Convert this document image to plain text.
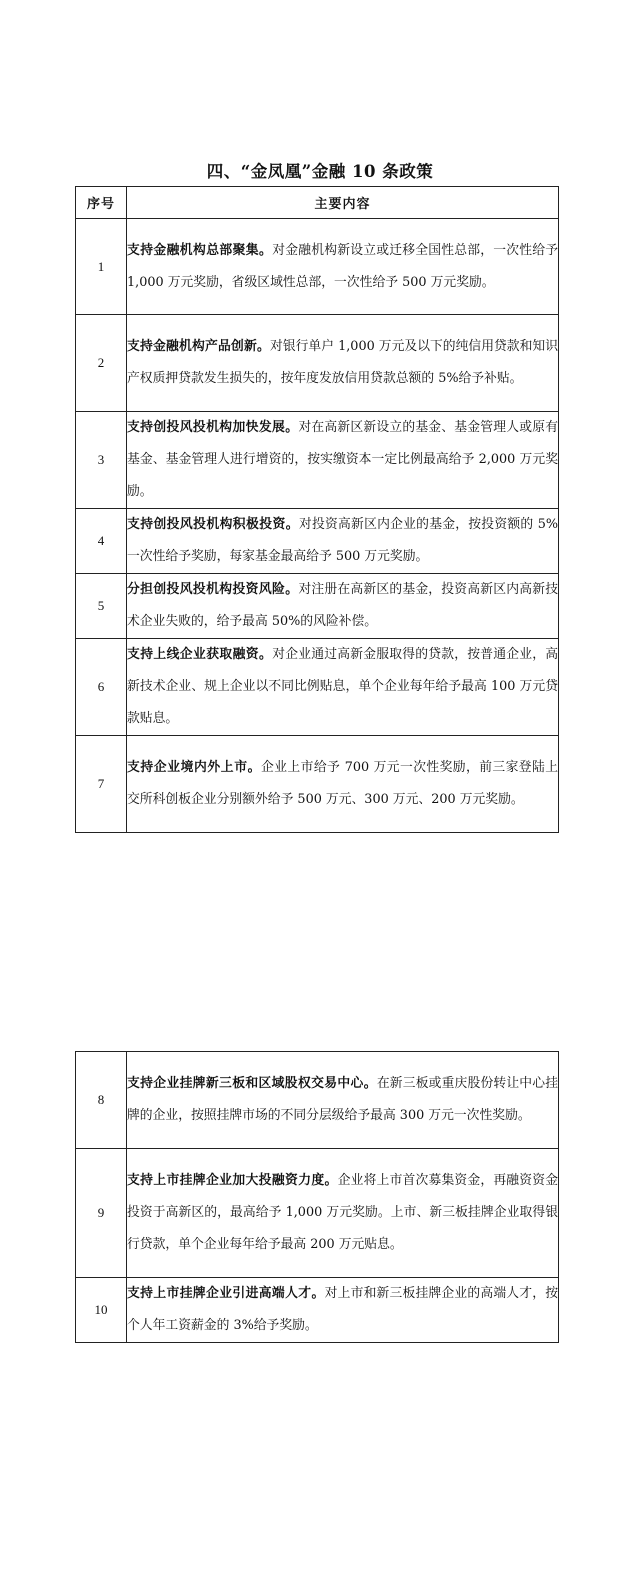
四、“金凤凰”金融 10 条政策
序号	主要内容
1	支持金融机构总部聚集。对金融机构新设立或迁移全国性总部，一次性给予 1,000 万元奖励，省级区域性总部，一次性给予 500 万元奖励。
2	支持金融机构产品创新。对银行单户 1,000 万元及以下的纯信用贷款和知识产权质押贷款发生损失的，按年度发放信用贷款总额的 5%给予补贴。
3	支持创投风投机构加快发展。对在高新区新设立的基金、基金管理人或原有基金、基金管理人进行增资的，按实缴资本一定比例最高给予 2,000 万元奖励。
4	支持创投风投机构积极投资。对投资高新区内企业的基金，按投资额的 5%一次性给予奖励，每家基金最高给予 500 万元奖励。
5	分担创投风投机构投资风险。对注册在高新区的基金，投资高新区内高新技术企业失败的，给予最高 50%的风险补偿。
6	支持上线企业获取融资。对企业通过高新金服取得的贷款，按普通企业，高新技术企业、规上企业以不同比例贴息，单个企业每年给予最高 100 万元贷款贴息。
7	支持企业境内外上市。企业上市给予 700 万元一次性奖励，前三家登陆上交所科创板企业分别额外给予 500 万元、300 万元、200 万元奖励。
8	支持企业挂牌新三板和区域股权交易中心。在新三板或重庆股份转让中心挂牌的企业，按照挂牌市场的不同分层级给予最高 300 万元一次性奖励。
9	支持上市挂牌企业加大投融资力度。企业将上市首次募集资金，再融资资金投资于高新区的，最高给予 1,000 万元奖励。上市、新三板挂牌企业取得银行贷款，单个企业每年给予最高 200 万元贴息。
10	支持上市挂牌企业引进高端人才。对上市和新三板挂牌企业的高端人才，按个人年工资薪金的 3%给予奖励。
